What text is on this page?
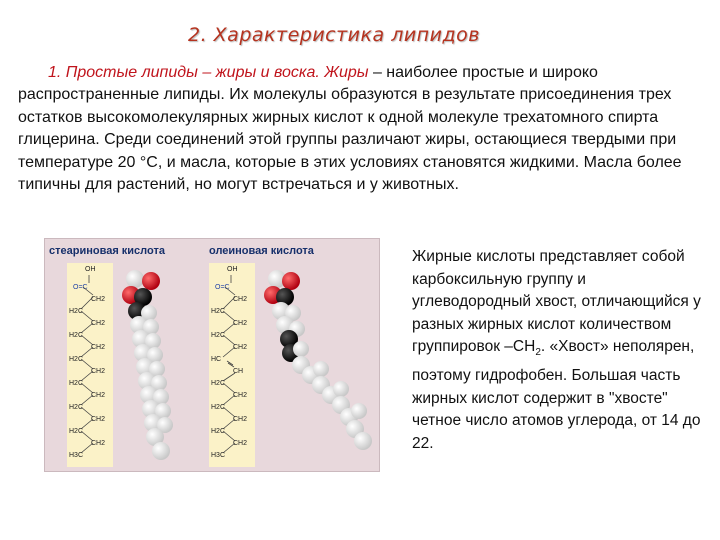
2. Характеристика липидов
1. Простые липиды – жиры и воска. Жиры – наиболее простые и широко распространенные липиды. Их молекулы образуются в результате присоединения трех остатков высокомолекулярных жирных кислот к одной молекуле трехатомного спирта глицерина. Среди соединений этой группы различают жиры, остающиеся твердыми при температуре 20 °С, и масла, которые в этих условиях становятся жидкими. Масла более типичны для растений, но могут встречаться и у животных.
стеариновая кислота
OH
O=C
CH2
H2C
CH2
H2C
CH2
H2C
CH2
H2C
CH2
H2C
CH2
H2C
CH2
H3C
олеиновая кислота
OH
O=C
CH2
H2C
CH2
H2C
CH2
HC
CH
H2C
CH2
H2C
CH2
H2C
CH2
H3C
Жирные кислоты представляет собой карбоксильную группу и углеводородный хвост, отличающийся у разных жирных кислот количеством группировок $-СН_2$. «Хвост» неполярен, поэтому гидрофобен. Большая часть жирных кислот содержит в "хвосте" четное число атомов углерода, от 14 до 22.
